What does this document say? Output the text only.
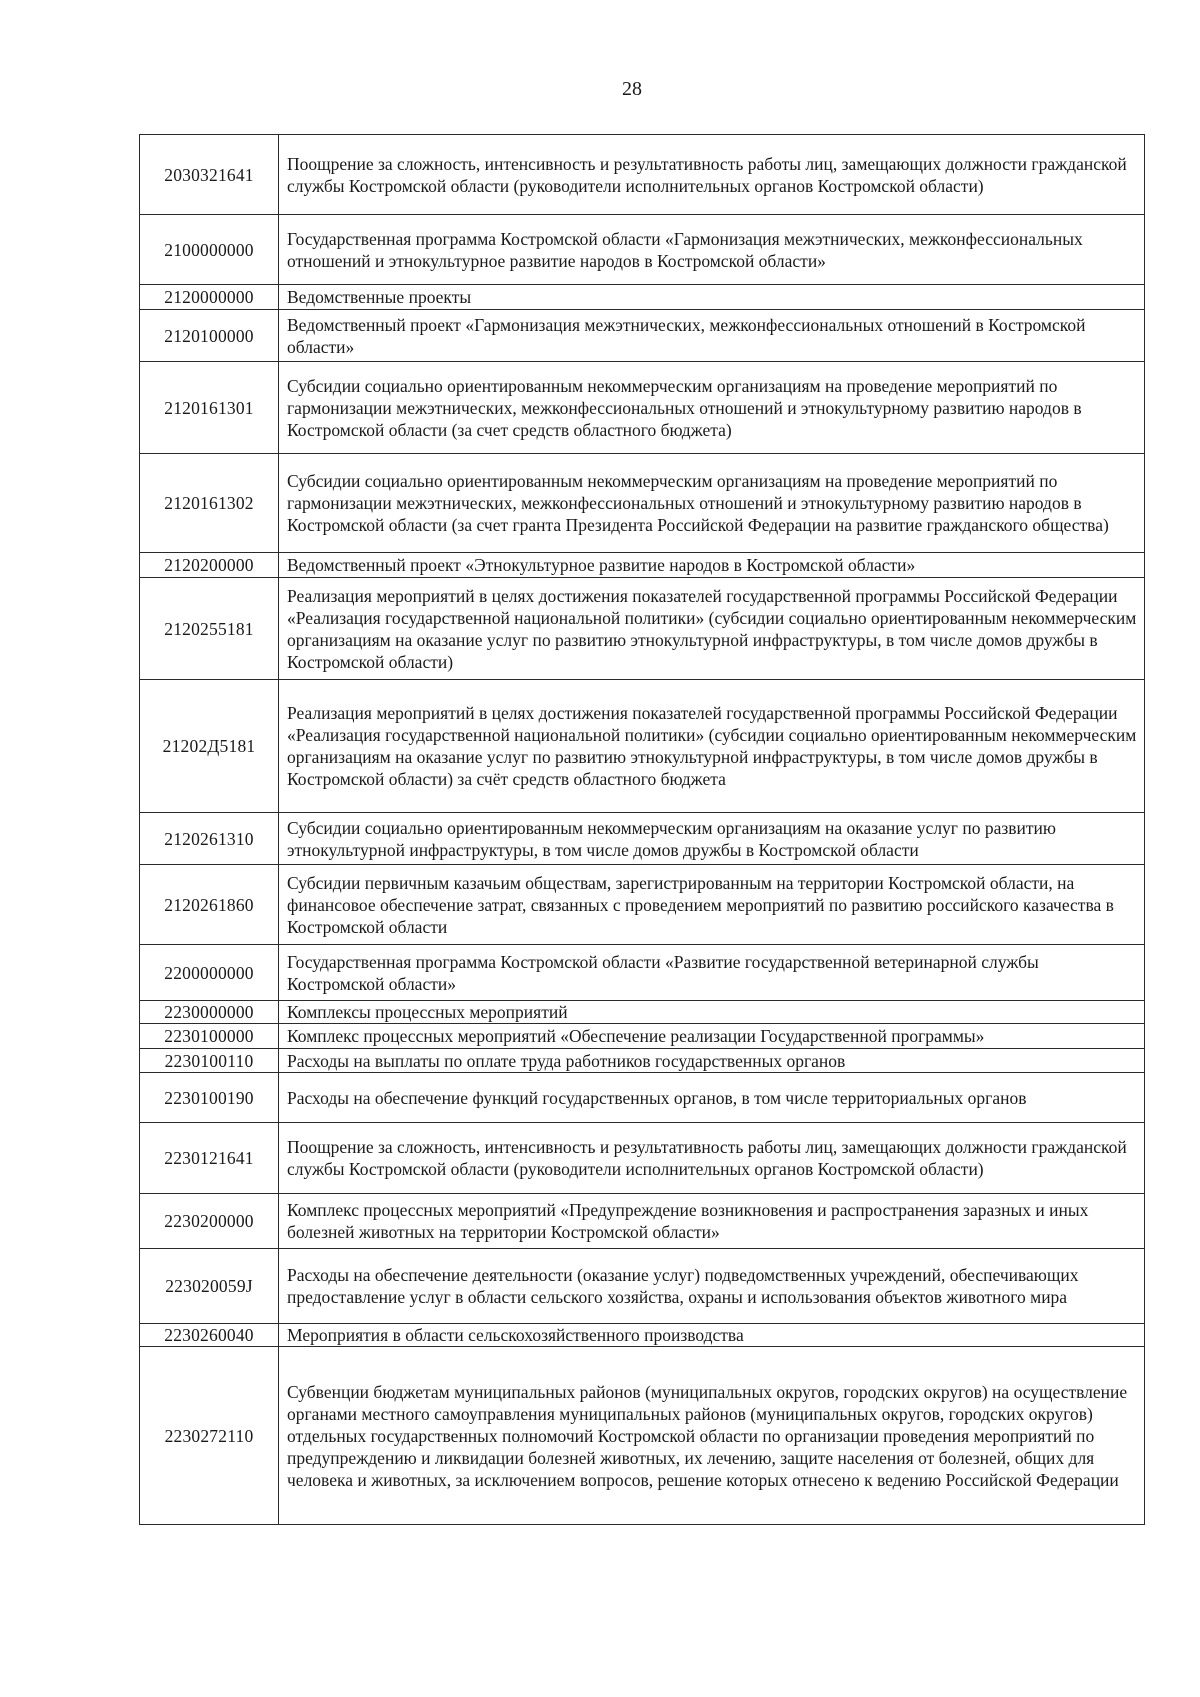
28
2030321641	Поощрение за сложность, интенсивность и результативность работы лиц, замещающих должности гражданской службы Костромской области (руководители исполнительных органов Костромской области)
2100000000	Государственная программа Костромской области «Гармонизация межэтнических, межконфессиональных отношений и этнокультурное развитие народов в Костромской области»
2120000000	Ведомственные проекты
2120100000	Ведомственный проект «Гармонизация межэтнических, межконфессиональных отношений в Костромской области»
2120161301	Субсидии социально ориентированным некоммерческим организациям на проведение мероприятий по гармонизации межэтнических, межконфессиональных отношений и этнокультурному развитию народов в Костромской области (за счет средств областного бюджета)
2120161302	Субсидии социально ориентированным некоммерческим организациям на проведение мероприятий по гармонизации межэтнических, межконфессиональных отношений и этнокультурному развитию народов в Костромской области (за счет гранта Президента Российской Федерации на развитие гражданского общества)
2120200000	Ведомственный проект «Этнокультурное развитие народов в Костромской области»
2120255181	Реализация мероприятий в целях достижения показателей государственной программы Российской Федерации «Реализация государственной национальной политики» (субсидии социально ориентированным некоммерческим организациям на оказание услуг по развитию этнокультурной инфраструктуры, в том числе домов дружбы в Костромской области)
21202Д5181	Реализация мероприятий в целях достижения показателей государственной программы Российской Федерации «Реализация государственной национальной политики» (субсидии социально ориентированным некоммерческим организациям на оказание услуг по развитию этнокультурной инфраструктуры, в том числе домов дружбы в Костромской области) за счёт средств областного бюджета
2120261310	Субсидии социально ориентированным некоммерческим организациям на оказание услуг по развитию этнокультурной инфраструктуры, в том числе домов дружбы в Костромской области
2120261860	Субсидии первичным казачьим обществам, зарегистрированным на территории Костромской области, на финансовое обеспечение затрат, связанных с проведением мероприятий по развитию российского казачества в Костромской области
2200000000	Государственная программа Костромской области «Развитие государственной ветеринарной службы Костромской области»
2230000000	Комплексы процессных мероприятий
2230100000	Комплекс процессных мероприятий «Обеспечение реализации Государственной программы»
2230100110	Расходы на выплаты по оплате труда работников государственных органов
2230100190	Расходы на обеспечение функций государственных органов, в том числе территориальных органов
2230121641	Поощрение за сложность, интенсивность и результативность работы лиц, замещающих должности гражданской службы Костромской области (руководители исполнительных органов Костромской области)
2230200000	Комплекс процессных мероприятий «Предупреждение возникновения и распространения заразных и иных болезней животных на территории Костромской области»
223020059J	Расходы на обеспечение деятельности (оказание услуг) подведомственных учреждений, обеспечивающих предоставление услуг в области сельского хозяйства, охраны и использования объектов животного мира
2230260040	Мероприятия в области сельскохозяйственного производства
2230272110	Субвенции бюджетам муниципальных районов (муниципальных округов, городских округов) на осуществление органами местного самоуправления муниципальных районов (муниципальных округов, городских округов) отдельных государственных полномочий Костромской области по организации проведения мероприятий по предупреждению и ликвидации болезней животных, их лечению, защите населения от болезней, общих для человека и животных, за исключением вопросов, решение которых отнесено к ведению Российской Федерации
